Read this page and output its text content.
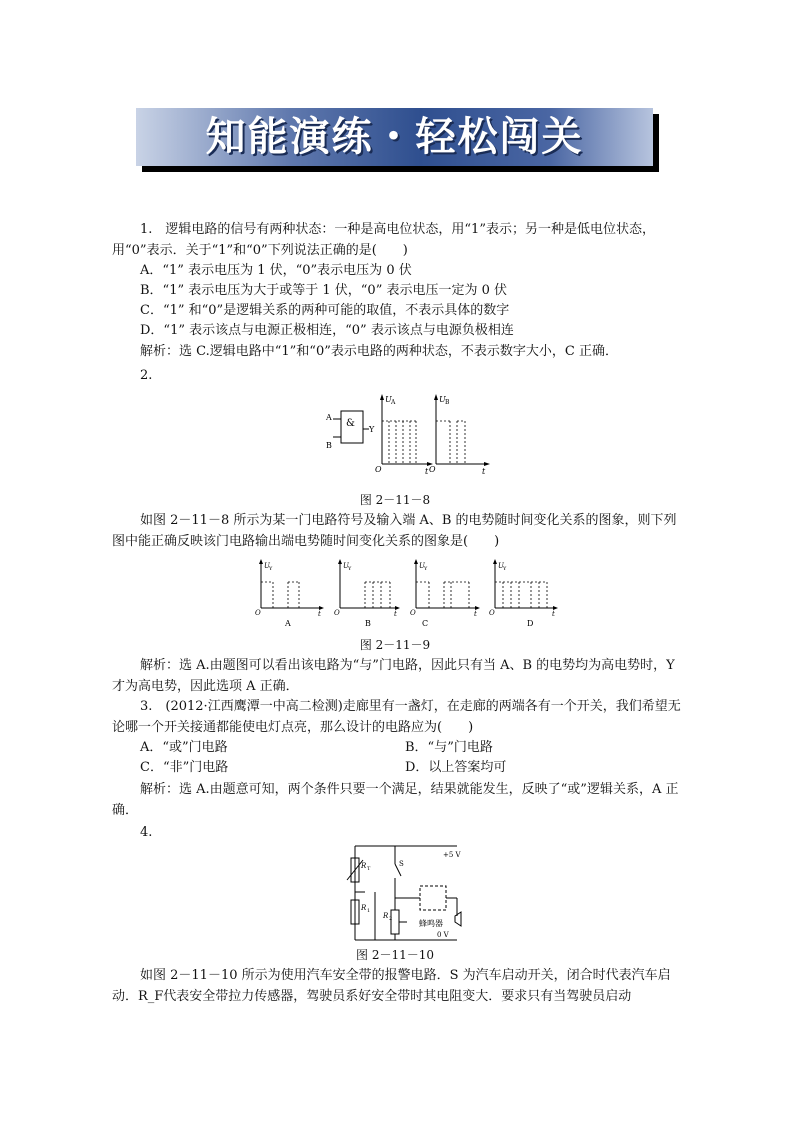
知能演练・轻松闯关

1.　逻辑电路的信号有两种状态：一种是高电位状态，用“1”表示；另一种是低电位状态，用“0”表示．关于“1”和“0”下列说法正确的是(　　)

A．“1” 表示电压为 1 伏，“0”表示电压为 0 伏
B．“1” 表示电压为大于或等于 1 伏，“0” 表示电压一定为 0 伏
C．“1” 和“0”是逻辑关系的两种可能的取值，不表示具体的数字
D．“1” 表示该点与电源正极相连，“0” 表示该点与电源负极相连
解析：选 C.逻辑电路中“1”和“0”表示电路的两种状态，不表示数字大小，C 正确．
2.
&
A
B
Y
U A
O	t
U B
O	t
图 2－11－8

如图 2－11－8 所示为某一门电路符号及输入端 A、B 的电势随时间变化关系的图象，则下列图中能正确反映该门电路输出端电势随时间变化关系的图象是(　　)

U Y
O	t
A
U Y
O	t
B
U Y
O	t
C
U Y
O	t
D
图 2－11－9

解析：选 A.由题图可以看出该电路为“与”门电路，因此只有当 A、B 的电势均为高电势时，Y 才为高电势，因此选项 A 正确．

3.　(2012·江西鹰潭一中高二检测)走廊里有一盏灯，在走廊的两端各有一个开关，我们希望无论哪一个开关接通都能使电灯点亮，那么设计的电路应为(　　)

A．“或”门电路	B．“与”门电路
C．“非”门电路	D．以上答案均可

解析：选 A.由题意可知，两个条件只要一个满足，结果就能发生，反映了“或”逻辑关系，A 正确．

4.
R T
S
+5 V
R 1
R 2	蜂鸣器
0 V
图 2－11－10

如图 2－11－10 所示为使用汽车安全带的报警电路．S 为汽车启动开关，闭合时代表汽车启动．R_F代表安全带拉力传感器，驾驶员系好安全带时其电阻变大．要求只有当驾驶员启动
